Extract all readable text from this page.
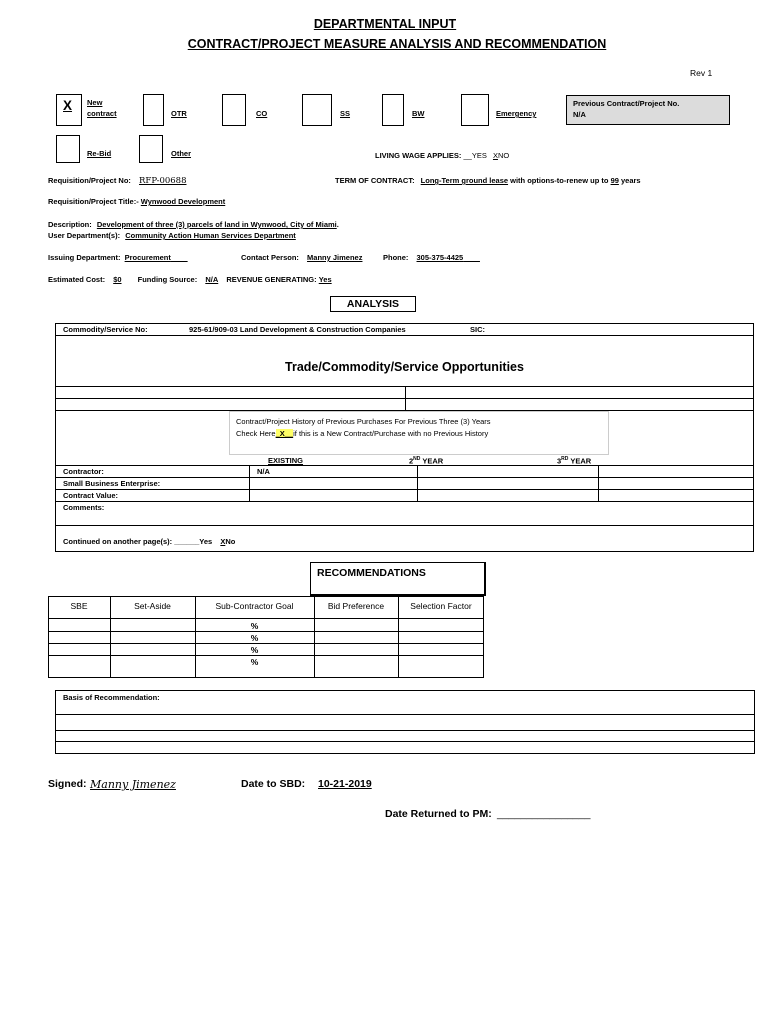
DEPARTMENTAL INPUT
CONTRACT/PROJECT MEASURE ANALYSIS AND RECOMMENDATION
Rev 1
X New
contract	OTR	CO	SS	BW	Emergency
Previous Contract/Project No.
N/A
Re-Bid	Other	LIVING WAGE APPLIES: __YES XNO
Requisition/Project No: RFP-00688	TERM OF CONTRACT: Long-Term ground lease with options-to-renew up to 99 years
Requisition/Project Title:- Wynwood Development
Description: Development of three (3) parcels of land in Wynwood, City of Miami.
User Department(s): Community Action Human Services Department
Issuing Department: Procurement____	Contact Person: Manny Jimenez	Phone: 305-375-4425____
Estimated Cost: $0 Funding Source: N/A REVENUE GENERATING: Yes
ANALYSIS
Commodity/Service No:	925-61/909-03 Land Development & Construction Companies	SIC:
Trade/Commodity/Service Opportunities
Contract/Project History of Previous Purchases For Previous Three (3) Years
Check Here_X__if this is a New Contract/Purchase with no Previous History
EXISTING	2ND YEAR	3RD YEAR
Contractor:	N/A
Small Business Enterprise:
Contract Value:
Comments:
Continued on another page(s): ______Yes XNo
RECOMMENDATIONS
SBE	Set-Aside	Sub-Contractor Goal	Bid Preference	Selection Factor
%
%
%
%
Basis of Recommendation:
Signed: Manny Jimenez	Date to SBD: 10-21-2019
Date Returned to PM: ________________
